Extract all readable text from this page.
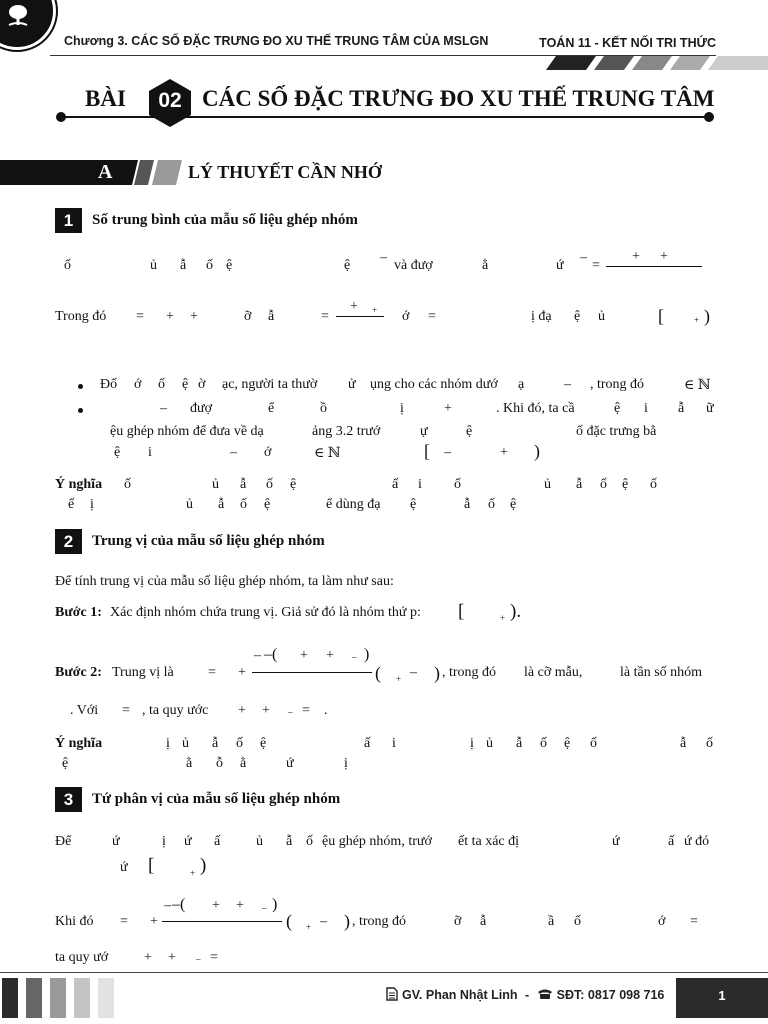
Chương 3. CÁC SỐ ĐẶC TRƯNG ĐO XU THẾ TRUNG TÂM CỦA MSLGN	TOÁN 11 - KẾT NỐI TRI THỨC
BÀI	02 CÁC SỐ ĐẶC TRƯNG ĐO XU THẾ TRUNG TÂM
A	LÝ THUYẾT CẦN NHỚ
1	Số trung bình của mẫu số liệu ghép nhóm
ố	ủ ẫ ố ệ	ệ
–
và đượ	ằ	ứ
–
=
+ +
Trong đó = + +	ỡ ẫ	=
+ + ớ =	ị đạ ệ ủ	[	+ )
Đố ớ ố ệ ờ ạc, người ta thườ ử ụng cho các nhóm dướ ạ	– , trong đó	∈ ℕ
– đượ	ể	ồ	ị	+	. Khi đó, ta cầ	ệ i ẫ ữ
ệu ghép nhóm để đưa về dạ	ảng 3.2 trướ	ự	ệ	ố đặc trưng bằ
ệ i	– ớ	∈ ℕ	[ –	+ )
Ý nghĩa ố	ủ ẫ ố ệ	ấ i ố	ủ ẫ ố ệ ố
ế ị	ủ ẫ ố ệ	ể dùng đạ ệ	ẫ ố ệ
2	Trung vị của mẫu số liệu ghép nhóm
Để tính trung vị của mẫu số liệu ghép nhóm, ta làm như sau:
Bước 1: Xác định nhóm chứa trung vị. Giả sử đó là nhóm thứ p: [	+ ).
Bước 2: Trung vị là = +
– –( + + – )
( + – ) , trong đó là cỡ mẫu,	là tần số nhóm
. Với = , ta quy ước + + – = .
Ý nghĩa	ị ủ ẫ ố ệ	ấ i	ị ủ ẫ ố ệ ố	ẫ ố
ệ	ằ ỗ ằ	ứ	ị
3	Tứ phân vị của mẫu số liệu ghép nhóm
Để	ứ	ị ứ ấ	ủ ẫ ố ệu ghép nhóm, trướ ết ta xác đị	ứ	ấ ứ đó
ứ [	+ )
Khi đó = +
– –( + + – )
( + – ) , trong đó	ỡ ẫ	ầ ố	ớ =
ta quy ướ	+ + – =
GV. Phan Nhật Linh - SĐT: 0817 098 716	1
